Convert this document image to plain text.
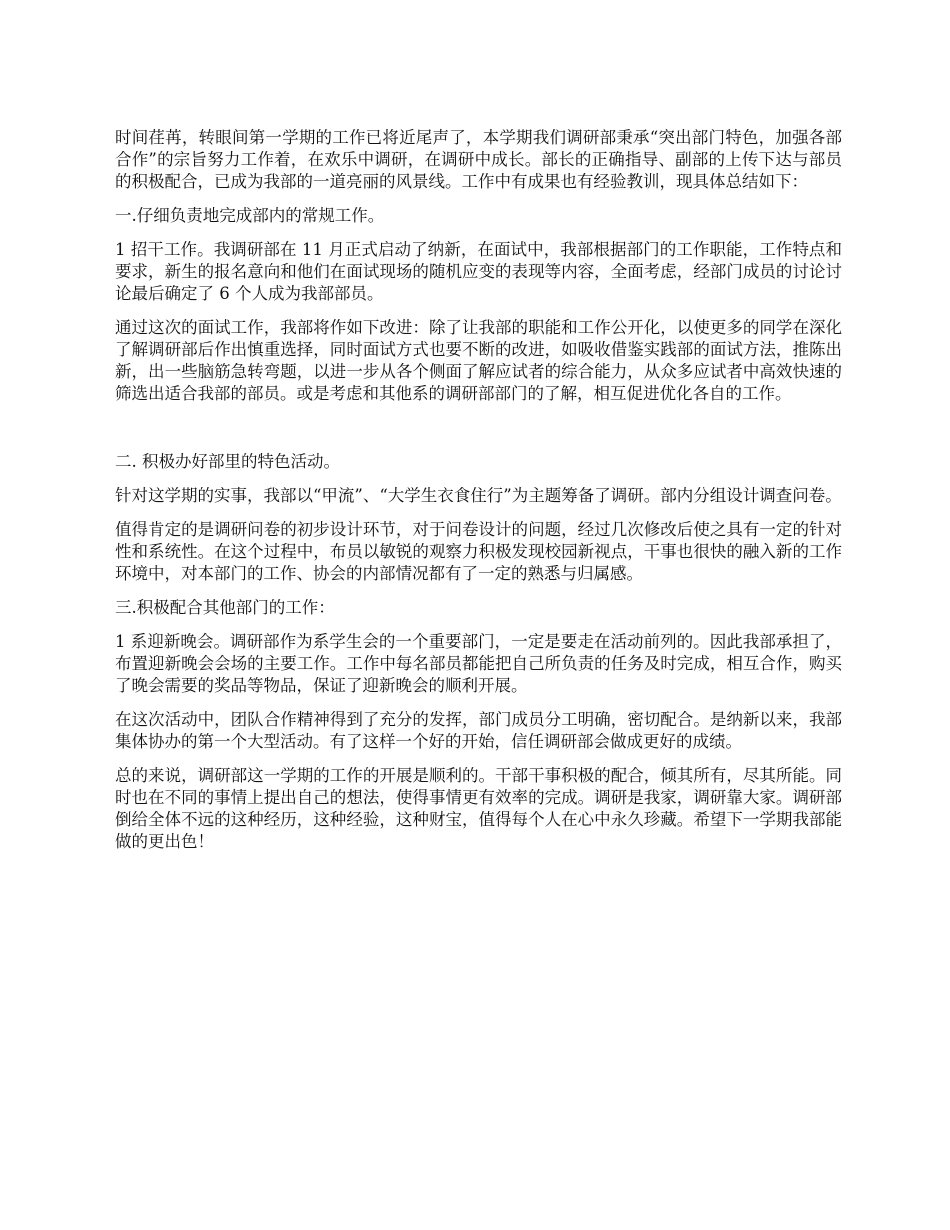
时间荏苒，转眼间第一学期的工作已将近尾声了，本学期我们调研部秉承“突出部门特色，加强各部合作”的宗旨努力工作着，在欢乐中调研，在调研中成长。部长的正确指导、副部的上传下达与部员的积极配合，已成为我部的一道亮丽的风景线。工作中有成果也有经验教训，现具体总结如下：

一.仔细负责地完成部内的常规工作。

1 招干工作。我调研部在 11 月正式启动了纳新，在面试中，我部根据部门的工作职能，工作特点和要求，新生的报名意向和他们在面试现场的随机应变的表现等内容，全面考虑，经部门成员的讨论讨论最后确定了 6 个人成为我部部员。

通过这次的面试工作，我部将作如下改进：除了让我部的职能和工作公开化，以使更多的同学在深化了解调研部后作出慎重选择，同时面试方式也要不断的改进，如吸收借鉴实践部的面试方法，推陈出新，出一些脑筋急转弯题，以进一步从各个侧面了解应试者的综合能力，从众多应试者中高效快速的筛选出适合我部的部员。或是考虑和其他系的调研部部门的了解，相互促进优化各自的工作。

二. 积极办好部里的特色活动。

针对这学期的实事，我部以“甲流”、“大学生衣食住行”为主题筹备了调研。部内分组设计调查问卷。

值得肯定的是调研问卷的初步设计环节，对于问卷设计的问题，经过几次修改后使之具有一定的针对性和系统性。在这个过程中，布员以敏锐的观察力积极发现校园新视点，干事也很快的融入新的工作环境中，对本部门的工作、协会的内部情况都有了一定的熟悉与归属感。

三.积极配合其他部门的工作：

1 系迎新晚会。调研部作为系学生会的一个重要部门，一定是要走在活动前列的。因此我部承担了，布置迎新晚会会场的主要工作。工作中每名部员都能把自己所负责的任务及时完成，相互合作，购买了晚会需要的奖品等物品，保证了迎新晚会的顺利开展。

在这次活动中，团队合作精神得到了充分的发挥，部门成员分工明确，密切配合。是纳新以来，我部集体协办的第一个大型活动。有了这样一个好的开始，信任调研部会做成更好的成绩。

总的来说，调研部这一学期的工作的开展是顺利的。干部干事积极的配合，倾其所有，尽其所能。同时也在不同的事情上提出自己的想法，使得事情更有效率的完成。调研是我家，调研靠大家。调研部倒给全体不远的这种经历，这种经验，这种财宝，值得每个人在心中永久珍藏。希望下一学期我部能做的更出色！
